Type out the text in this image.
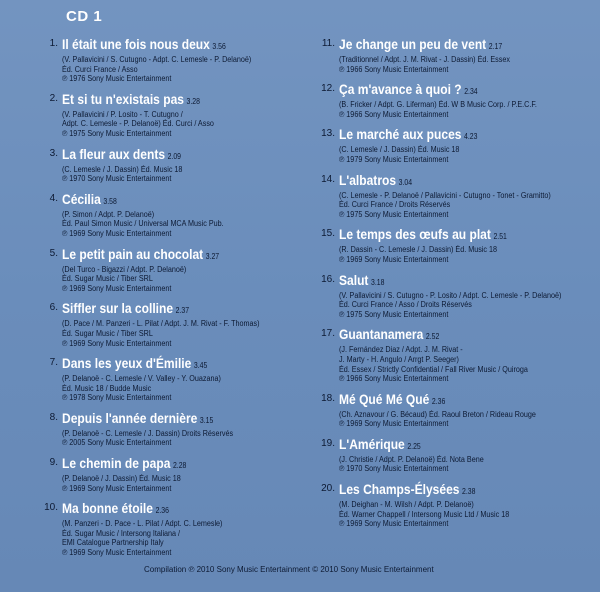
CD 1
1. Il était une fois nous deux 3.56
(V. Pallavicini / S. Cutugno - Adpt. C. Lemesle - P. Delanoë)
Éd. Curci France / Asso
℗ 1976 Sony Music Entertainment
2. Et si tu n'existais pas 3.28
(V. Pallavicini / P. Losito - T. Cutugno /
Adpt. C. Lemesle - P. Delanoë) Éd. Curci / Asso
℗ 1975 Sony Music Entertainment
3. La fleur aux dents 2.09
(C. Lemesle / J. Dassin) Éd. Music 18
℗ 1970 Sony Music Entertainment
4. Cécilia 3.58
(P. Simon / Adpt. P. Delanoë)
Éd. Paul Simon Music / Universal MCA Music Pub.
℗ 1969 Sony Music Entertainment
5. Le petit pain au chocolat 3.27
(Del Turco - Bigazzi / Adpt. P. Delanoë)
Éd. Sugar Music / Tiber SRL
℗ 1969 Sony Music Entertainment
6. Siffler sur la colline 2.37
(D. Pace / M. Panzeri - L. Pilat / Adpt. J. M. Rivat - F. Thomas)
Éd. Sugar Music / Tiber SRL
℗ 1969 Sony Music Entertainment
7. Dans les yeux d'Émilie 3.45
(P. Delanoë - C. Lemesle / V. Valley - Y. Ouazana)
Éd. Music 18 / Budde Music
℗ 1978 Sony Music Entertainment
8. Depuis l'année dernière 3.15
(P. Delanoë - C. Lemesle / J. Dassin) Droits Réservés
℗ 2005 Sony Music Entertainment
9. Le chemin de papa 2.28
(P. Delanoë / J. Dassin) Éd. Music 18
℗ 1969 Sony Music Entertainment
10. Ma bonne étoile 2.36
(M. Panzeri - D. Pace - L. Pilat / Adpt. C. Lemesle)
Éd. Sugar Music / Intersong Italiana /
EMI Catalogue Partnership Italy
℗ 1969 Sony Music Entertainment
11. Je change un peu de vent 2.17
(Traditionnel / Adpt. J. M. Rivat - J. Dassin) Éd. Essex
℗ 1966 Sony Music Entertainment
12. Ça m'avance à quoi ? 2.34
(B. Fricker / Adpt. G. Liferman) Éd. W B Music Corp. / P.E.C.F.
℗ 1966 Sony Music Entertainment
13. Le marché aux puces 4.23
(C. Lemesle / J. Dassin) Éd. Music 18
℗ 1979 Sony Music Entertainment
14. L'albatros 3.04
(C. Lemesle - P. Delanoë / Pallavicini - Cutugno - Tonet - Gramitto)
Éd. Curci France / Droits Réservés
℗ 1975 Sony Music Entertainment
15. Le temps des œufs au plat 2.51
(R. Dassin - C. Lemesle / J. Dassin) Éd. Music 18
℗ 1969 Sony Music Entertainment
16. Salut 3.18
(V. Pallavicini / S. Cutugno - P. Losito / Adpt. C. Lemesle - P. Delanoë)
Éd. Curci France / Asso / Droits Réservés
℗ 1975 Sony Music Entertainment
17. Guantanamera 2.52
(J. Fernández Diaz / Adpt. J. M. Rivat -
J. Marty - H. Angulo / Arrgt P. Seeger)
Éd. Essex / Strictly Confidential / Fall River Music / Quiroga
℗ 1966 Sony Music Entertainment
18. Mé Qué Mé Qué 2.36
(Ch. Aznavour / G. Bécaud) Éd. Raoul Breton / Rideau Rouge
℗ 1969 Sony Music Entertainment
19. L'Amérique 2.25
(J. Christie / Adpt. P. Delanoë) Éd. Nota Bene
℗ 1970 Sony Music Entertainment
20. Les Champs-Élysées 2.38
(M. Deighan - M. Wilsh / Adpt. P. Delanoë)
Éd. Warner Chappell / Intersong Music Ltd / Music 18
℗ 1969 Sony Music Entertainment
Compilation ℗ 2010 Sony Music Entertainment © 2010 Sony Music Entertainment
